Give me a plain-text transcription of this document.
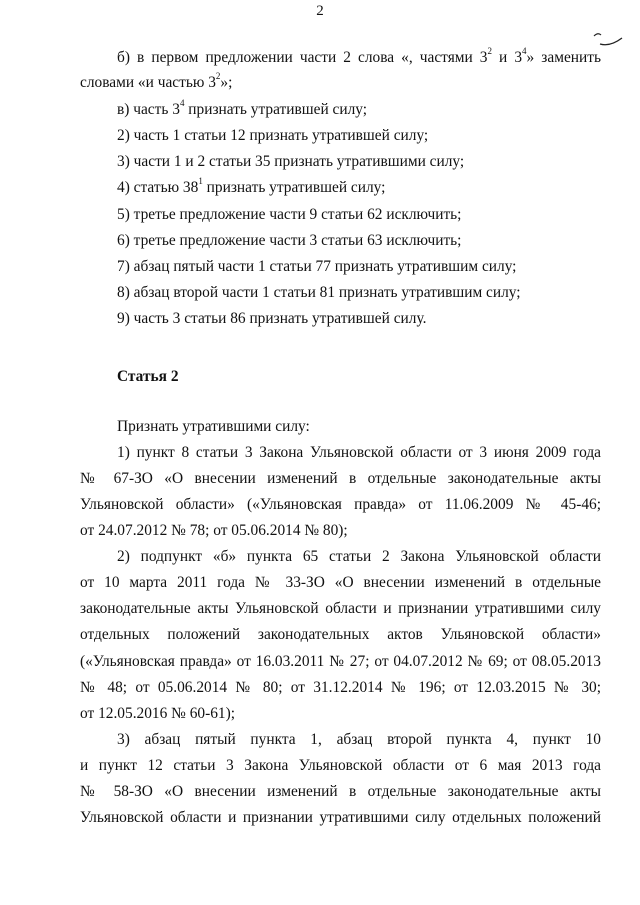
2
б) в первом предложении части 2 слова «, частями $3^2$ и $3^4$» заменить
словами «и частью $3^2$»;
в) часть $3^4$ признать утратившей силу;
2) часть 1 статьи 12 признать утратившей силу;
3) части 1 и 2 статьи 35 признать утратившими силу;
4) статью $38^1$ признать утратившей силу;
5) третье предложение части 9 статьи 62 исключить;
6) третье предложение части 3 статьи 63 исключить;
7) абзац пятый части 1 статьи 77 признать утратившим силу;
8) абзац второй части 1 статьи 81 признать утратившим силу;
9) часть 3 статьи 86 признать утратившей силу.
Статья 2
Признать утратившими силу:
1) пункт 8 статьи 3 Закона Ульяновской области от 3 июня 2009 года
№ 67-ЗО «О внесении изменений в отдельные законодательные акты
Ульяновской области» («Ульяновская правда» от 11.06.2009 № 45-46;
от 24.07.2012 № 78; от 05.06.2014 № 80);
2) подпункт «б» пункта 65 статьи 2 Закона Ульяновской области
от 10 марта 2011 года № 33-ЗО «О внесении изменений в отдельные
законодательные акты Ульяновской области и признании утратившими силу
отдельных положений законодательных актов Ульяновской области»
(«Ульяновская правда» от 16.03.2011 № 27; от 04.07.2012 № 69; от 08.05.2013
№ 48; от 05.06.2014 № 80; от 31.12.2014 № 196; от 12.03.2015 № 30;
от 12.05.2016 № 60-61);
3) абзац пятый пункта 1, абзац второй пункта 4, пункт 10
и пункт 12 статьи 3 Закона Ульяновской области от 6 мая 2013 года
№ 58-ЗО «О внесении изменений в отдельные законодательные акты
Ульяновской области и признании утратившими силу отдельных положений
